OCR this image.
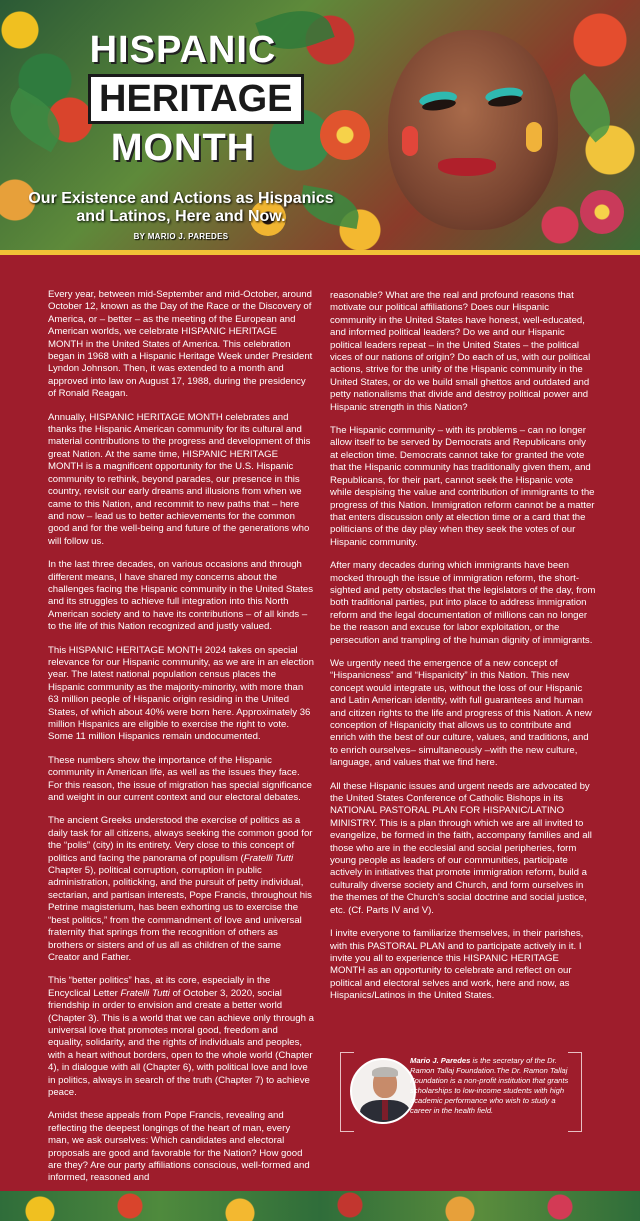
HISPANIC
HERITAGE
MONTH
Our Existence and Actions as Hispanics and Latinos, Here and Now.
BY MARIO J. PAREDES

Every year, between mid-September and mid-October, around October 12, known as the Day of the Race or the Discovery of America, or – better – as the meeting of the European and American worlds, we celebrate HISPANIC HERITAGE MONTH in the United States of America. This celebration began in 1968 with a Hispanic Heritage Week under President Lyndon Johnson. Then, it was extended to a month and approved into law on August 17, 1988, during the presidency of Ronald Reagan.

Annually, HISPANIC HERITAGE MONTH celebrates and thanks the Hispanic American community for its cultural and material contributions to the progress and development of this great Nation. At the same time, HISPANIC HERITAGE MONTH is a magnificent opportunity for the U.S. Hispanic community to rethink, beyond parades, our presence in this country, revisit our early dreams and illusions from when we came to this Nation, and recommit to new paths that – here and now – lead us to better achievements for the common good and for the well-being and future of the generations who will follow us.

In the last three decades, on various occasions and through different means, I have shared my concerns about the challenges facing the Hispanic community in the United States and its struggles to achieve full integration into this North American society and to have its contributions – of all kinds – to the life of this Nation recognized and justly valued.

This HISPANIC HERITAGE MONTH 2024 takes on special relevance for our Hispanic community, as we are in an election year. The latest national population census places the Hispanic community as the majority-minority, with more than 63 million people of Hispanic origin residing in the United States, of which about 40% were born here. Approximately 36 million Hispanics are eligible to exercise the right to vote. Some 11 million Hispanics remain undocumented.

These numbers show the importance of the Hispanic community in American life, as well as the issues they face. For this reason, the issue of migration has special significance and weight in our current context and our electoral debates.

The ancient Greeks understood the exercise of politics as a daily task for all citizens, always seeking the common good for the “polis” (city) in its entirety. Very close to this concept of politics and facing the panorama of populism (Fratelli Tutti Chapter 5), political corruption, corruption in public administration, politicking, and the pursuit of petty individual, sectarian, and partisan interests, Pope Francis, throughout his Petrine magisterium, has been exhorting us to exercise the “best politics,” from the commandment of love and universal fraternity that springs from the recognition of others as brothers or sisters and of us all as children of the same Creator and Father.

This “better politics” has, at its core, especially in the Encyclical Letter Fratelli Tutti of October 3, 2020, social friendship in order to envision and create a better world (Chapter 3). This is a world that we can achieve only through a universal love that promotes moral good, freedom and equality, solidarity, and the rights of individuals and peoples, with a heart without borders, open to the whole world (Chapter 4), in dialogue with all (Chapter 6), with political love and love in politics, always in search of the truth (Chapter 7) to achieve peace.

Amidst these appeals from Pope Francis, revealing and reflecting the deepest longings of the heart of man, every man, we ask ourselves: Which candidates and electoral proposals are good and favorable for the Nation? How good are they? Are our party affiliations conscious, well-formed and informed, reasoned and

reasonable? What are the real and profound reasons that motivate our political affiliations? Does our Hispanic community in the United States have honest, well-educated, and informed political leaders? Do we and our Hispanic political leaders repeat – in the United States – the political vices of our nations of origin? Do each of us, with our political actions, strive for the unity of the Hispanic community in the United States, or do we build small ghettos and outdated and petty nationalisms that divide and destroy political power and Hispanic strength in this Nation?

The Hispanic community – with its problems – can no longer allow itself to be served by Democrats and Republicans only at election time. Democrats cannot take for granted the vote that the Hispanic community has traditionally given them, and Republicans, for their part, cannot seek the Hispanic vote while despising the value and contribution of immigrants to the progress of this Nation. Immigration reform cannot be a matter that enters discussion only at election time or a card that the politicians of the day play when they seek the votes of our Hispanic community.

After many decades during which immigrants have been mocked through the issue of immigration reform, the short-sighted and petty obstacles that the legislators of the day, from both traditional parties, put into place to address immigration reform and the legal documentation of millions can no longer be the reason and excuse for labor exploitation, or the persecution and trampling of the human dignity of immigrants.

We urgently need the emergence of a new concept of “Hispanicness” and “Hispanicity” in this Nation. This new concept would integrate us, without the loss of our Hispanic and Latin American identity, with full guarantees and human and citizen rights to the life and progress of this Nation. A new conception of Hispanicity that allows us to contribute and enrich with the best of our culture, values, and traditions, and to enrich ourselves– simultaneously –with the new culture, language, and values that we find here.

All these Hispanic issues and urgent needs are advocated by the United States Conference of Catholic Bishops in its NATIONAL PASTORAL PLAN FOR HISPANIC/LATINO MINISTRY. This is a plan through which we are all invited to evangelize, be formed in the faith, accompany families and all those who are in the ecclesial and social peripheries, form young people as leaders of our communities, participate actively in initiatives that promote immigration reform, build a culturally diverse society and Church, and form ourselves in the themes of the Church’s social doctrine and social justice, etc. (Cf. Parts IV and V).

I invite everyone to familiarize themselves, in their parishes, with this PASTORAL PLAN and to participate actively in it. I invite you all to experience this HISPANIC HERITAGE MONTH as an opportunity to celebrate and reflect on our political and electoral selves and work, here and now, as Hispanics/Latinos in the United States.

Mario J. Paredes is the secretary of the Dr. Ramon Tallaj Foundation.The Dr. Ramon Tallaj Foundation is a non-profit institution that grants scholarships to low-income students with high academic performance who wish to study a career in the health field.
